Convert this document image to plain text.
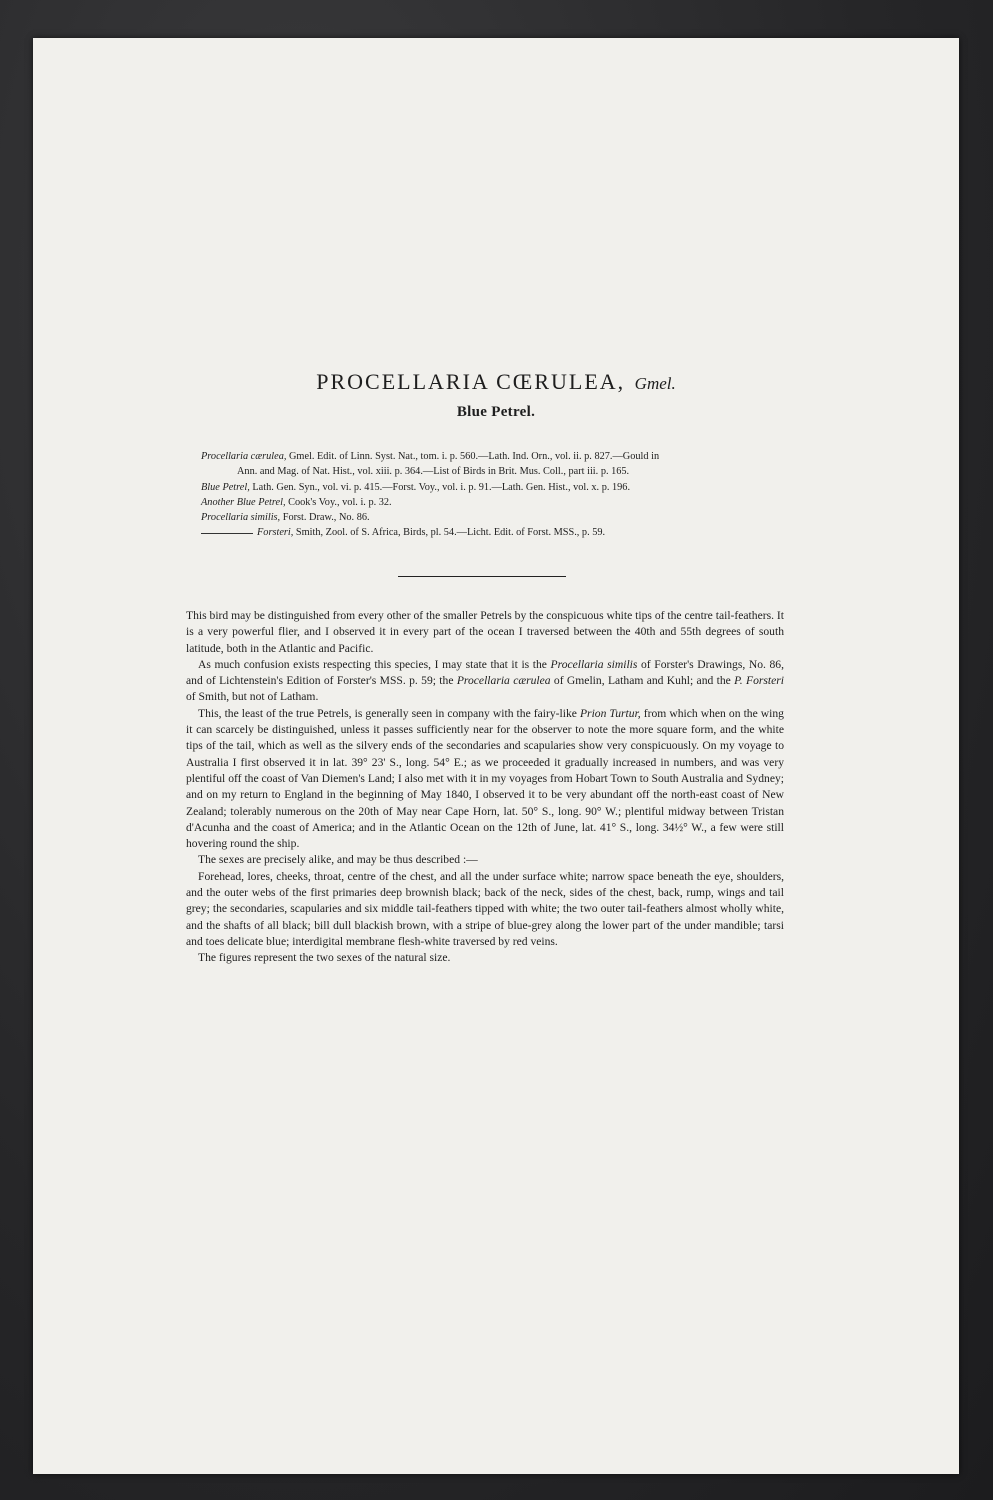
PROCELLARIA CŒRULEA, Gmel.
Blue Petrel.
Procellaria cærulea, Gmel. Edit. of Linn. Syst. Nat., tom. i. p. 560.—Lath. Ind. Orn., vol. ii. p. 827.—Gould in
Ann. and Mag. of Nat. Hist., vol. xiii. p. 364.—List of Birds in Brit. Mus. Coll., part iii. p. 165.
Blue Petrel, Lath. Gen. Syn., vol. vi. p. 415.—Forst. Voy., vol. i. p. 91.—Lath. Gen. Hist., vol. x. p. 196.
Another Blue Petrel, Cook's Voy., vol. i. p. 32.
Procellaria similis, Forst. Draw., No. 86.
Forsteri, Smith, Zool. of S. Africa, Birds, pl. 54.—Licht. Edit. of Forst. MSS., p. 59.

This bird may be distinguished from every other of the smaller Petrels by the conspicuous white tips of the centre tail-feathers. It is a very powerful flier, and I observed it in every part of the ocean I traversed between the 40th and 55th degrees of south latitude, both in the Atlantic and Pacific.

As much confusion exists respecting this species, I may state that it is the Procellaria similis of Forster's Drawings, No. 86, and of Lichtenstein's Edition of Forster's MSS. p. 59; the Procellaria cærulea of Gmelin, Latham and Kuhl; and the P. Forsteri of Smith, but not of Latham.

This, the least of the true Petrels, is generally seen in company with the fairy-like Prion Turtur, from which when on the wing it can scarcely be distinguished, unless it passes sufficiently near for the observer to note the more square form, and the white tips of the tail, which as well as the silvery ends of the secondaries and scapularies show very conspicuously. On my voyage to Australia I first observed it in lat. 39° 23' S., long. 54° E.; as we proceeded it gradually increased in numbers, and was very plentiful off the coast of Van Diemen's Land; I also met with it in my voyages from Hobart Town to South Australia and Sydney; and on my return to England in the beginning of May 1840, I observed it to be very abundant off the north-east coast of New Zealand; tolerably numerous on the 20th of May near Cape Horn, lat. 50° S., long. 90° W.; plentiful midway between Tristan d'Acunha and the coast of America; and in the Atlantic Ocean on the 12th of June, lat. 41° S., long. 34½° W., a few were still hovering round the ship.

The sexes are precisely alike, and may be thus described :—

Forehead, lores, cheeks, throat, centre of the chest, and all the under surface white; narrow space beneath the eye, shoulders, and the outer webs of the first primaries deep brownish black; back of the neck, sides of the chest, back, rump, wings and tail grey; the secondaries, scapularies and six middle tail-feathers tipped with white; the two outer tail-feathers almost wholly white, and the shafts of all black; bill dull blackish brown, with a stripe of blue-grey along the lower part of the under mandible; tarsi and toes delicate blue; interdigital membrane flesh-white traversed by red veins.

The figures represent the two sexes of the natural size.
